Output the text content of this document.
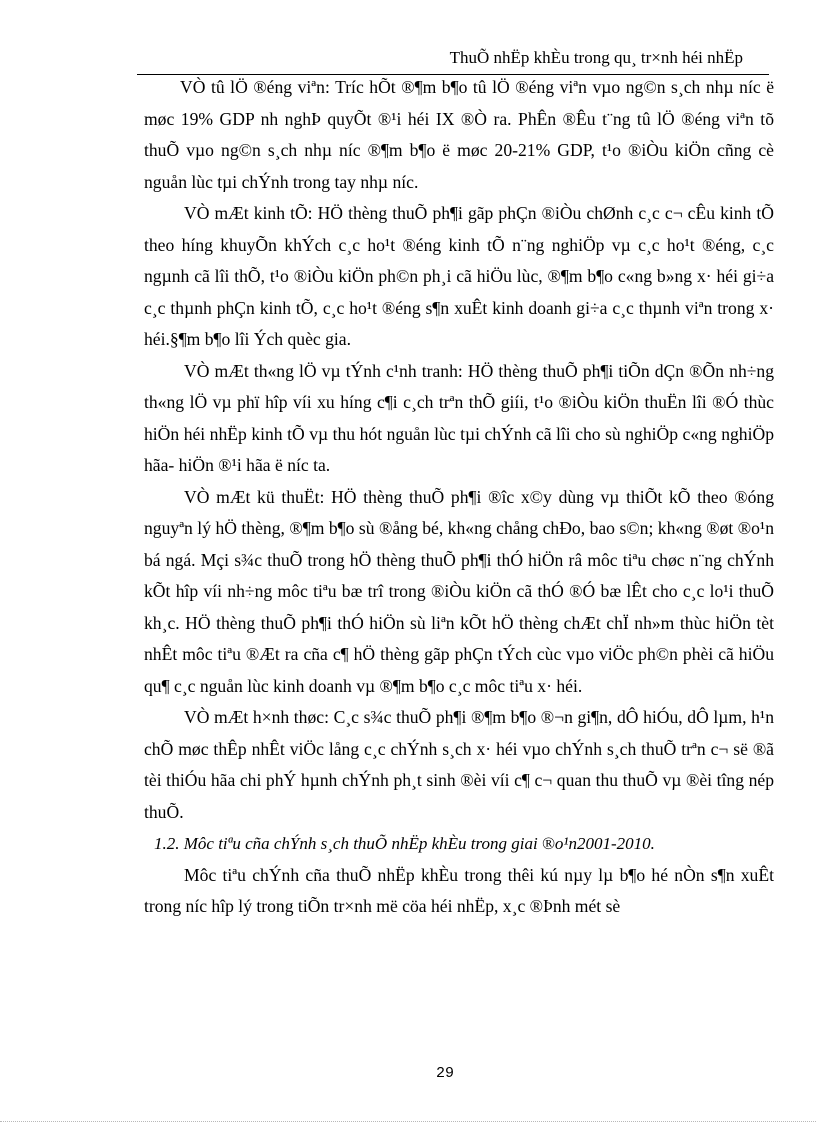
ThuÕ nhËp khÈu trong qu¸ tr×nh héi nhËp

VÒ tû lÖ ®éng viªn: Tríc hÕt ®¶m b¶o tû lÖ ®éng viªn vµo ng©n s¸ch nhµ níc ë møc 19% GDP nh nghÞ quyÕt ®¹i héi IX ®Ò ra. PhÊn ®Êu t¨ng tû lÖ ®éng viªn tõ thuÕ vµo ng©n s¸ch nhµ níc ®¶m b¶o ë møc 20-21% GDP, t¹o ®iÒu kiÖn cñng cè nguån lùc tµi chÝnh trong tay nhµ níc.

VÒ mÆt kinh tÕ: HÖ thèng thuÕ ph¶i gãp phÇn ®iÒu chØnh c¸c c¬ cÊu kinh tÕ theo híng khuyÕn khÝch c¸c ho¹t ®éng kinh tÕ n¨ng nghiÖp vµ c¸c ho¹t ®éng, c¸c ngµnh cã lîi thÕ, t¹o ®iÒu kiÖn ph©n ph¸i cã hiÖu lùc, ®¶m b¶o c«ng b»ng x· héi gi÷a c¸c thµnh phÇn kinh tÕ, c¸c ho¹t ®éng s¶n xuÊt kinh doanh gi÷a c¸c thµnh viªn trong x· héi.§¶m b¶o lîi Ých quèc gia.

VÒ mÆt th«ng lÖ vµ tÝnh c¹nh tranh: HÖ thèng thuÕ ph¶i tiÕn dÇn ®Õn nh÷ng th«ng lÖ vµ phï hîp víi xu híng c¶i c¸ch trªn thÕ giíi, t¹o ®iÒu kiÖn thuËn lîi ®Ó thùc hiÖn héi nhËp kinh tÕ vµ thu hót nguån lùc tµi chÝnh cã lîi cho sù nghiÖp c«ng nghiÖp hãa- hiÖn ®¹i hãa ë níc ta.

VÒ mÆt kü thuËt: HÖ thèng thuÕ ph¶i ®îc x©y dùng vµ thiÕt kÕ theo ®óng nguyªn lý hÖ thèng, ®¶m b¶o sù ®ång bé, kh«ng chång chÐo, bao s©n; kh«ng ®øt ®o¹n bá ngá. Mçi s¾c thuÕ trong hÖ thèng thuÕ ph¶i thÓ hiÖn râ môc tiªu chøc n¨ng chÝnh kÕt hîp víi nh÷ng môc tiªu bæ trî trong ®iÒu kiÖn cã thÓ ®Ó bæ lÊt cho c¸c lo¹i thuÕ kh¸c. HÖ thèng thuÕ ph¶i thÓ hiÖn sù liªn kÕt hÖ thèng chÆt chÏ nh»m thùc hiÖn tèt nhÊt môc tiªu ®Æt ra cña c¶ hÖ thèng gãp phÇn tÝch cùc vµo viÖc ph©n phèi cã hiÖu qu¶ c¸c nguån lùc kinh doanh vµ ®¶m b¶o c¸c môc tiªu x· héi.

VÒ mÆt h×nh thøc: C¸c s¾c thuÕ ph¶i ®¶m b¶o ®¬n gi¶n, dÔ hiÓu, dÔ lµm, h¹n chÕ møc thÊp nhÊt viÖc lång c¸c chÝnh s¸ch x· héi vµo chÝnh s¸ch thuÕ trªn c¬ së ®ã tèi thiÓu hãa chi phÝ hµnh chÝnh ph¸t sinh ®èi víi c¶ c¬ quan thu thuÕ vµ ®èi tîng nép thuÕ.

1.2. Môc tiªu cña chÝnh s¸ch thuÕ nhËp khÈu trong giai ®o¹n2001-2010.

Môc tiªu chÝnh cña thuÕ nhËp khÈu trong thêi kú nµy lµ b¶o hé nÒn s¶n xuÊt trong níc hîp lý trong tiÕn tr×nh më cöa héi nhËp, x¸c ®Þnh mét sè

29
